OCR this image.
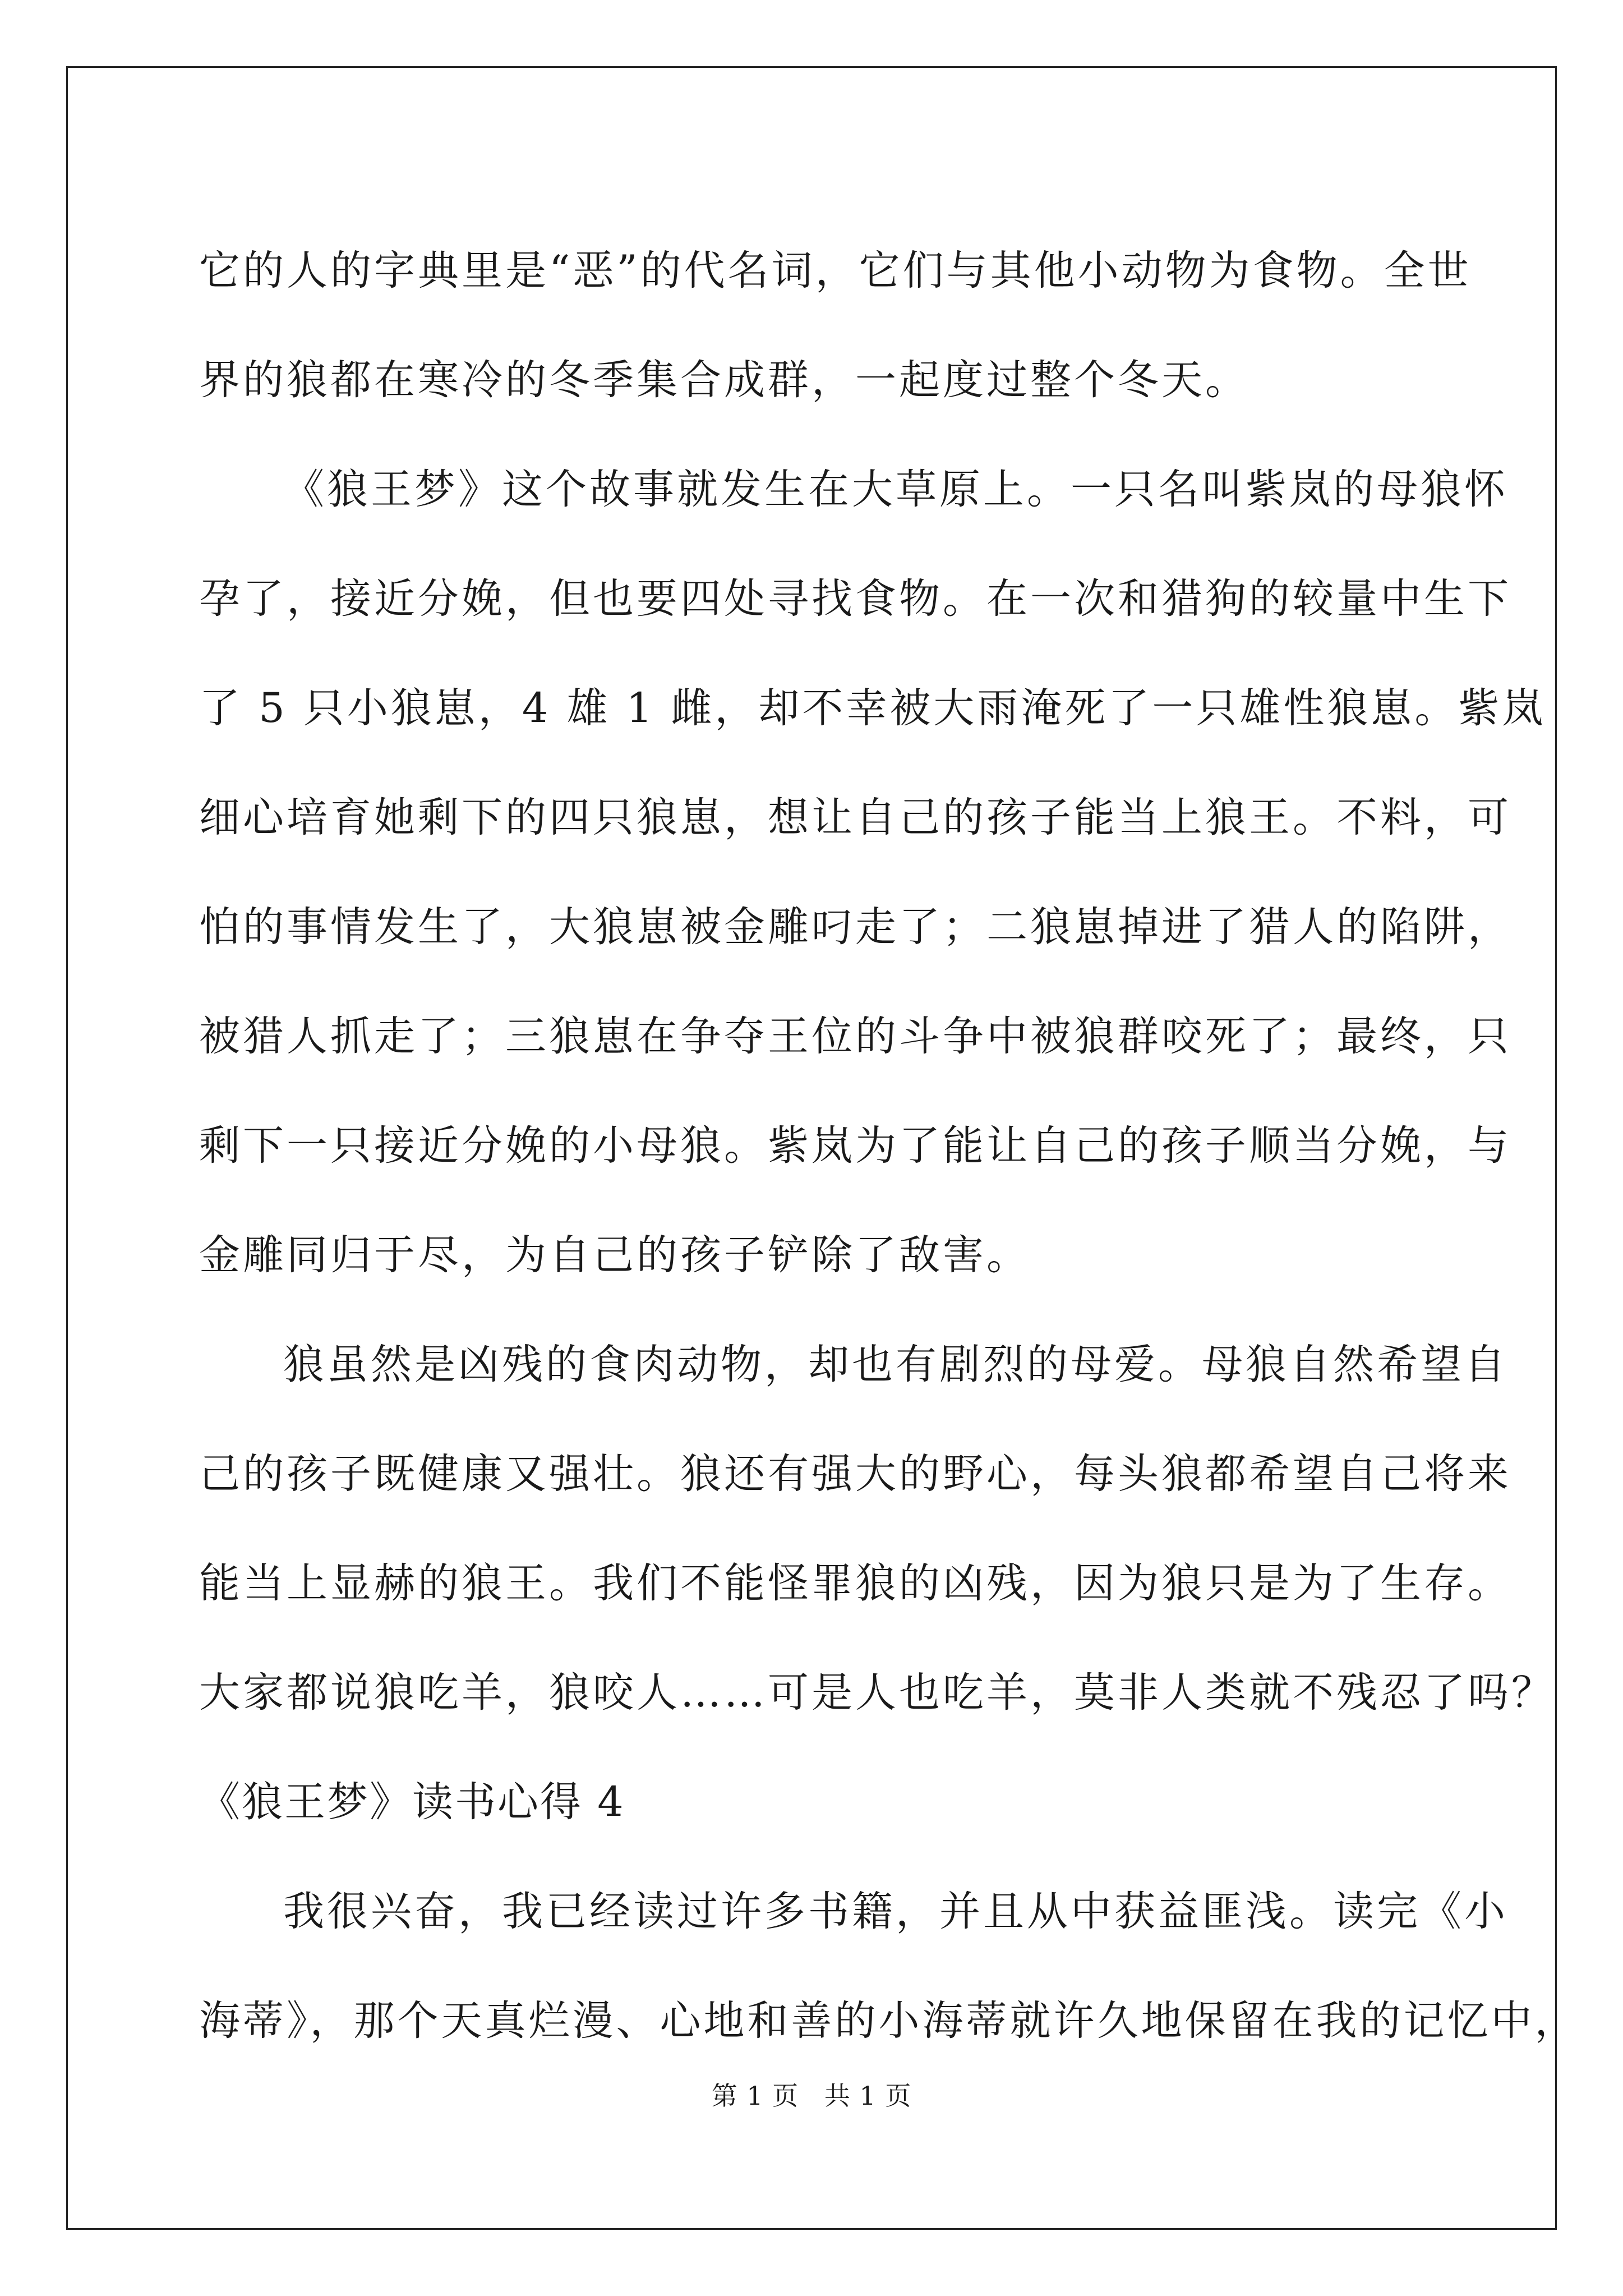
它的人的字典里是“恶”的代名词，它们与其他小动物为食物。全世
界的狼都在寒冷的冬季集合成群，一起度过整个冬天。
《狼王梦》这个故事就发生在大草原上。一只名叫紫岚的母狼怀
孕了，接近分娩，但也要四处寻找食物。在一次和猎狗的较量中生下
了 5 只小狼崽，4 雄 1 雌，却不幸被大雨淹死了一只雄性狼崽。紫岚
细心培育她剩下的四只狼崽，想让自己的孩子能当上狼王。不料，可
怕的事情发生了，大狼崽被金雕叼走了；二狼崽掉进了猎人的陷阱，
被猎人抓走了；三狼崽在争夺王位的斗争中被狼群咬死了；最终，只
剩下一只接近分娩的小母狼。紫岚为了能让自己的孩子顺当分娩，与
金雕同归于尽，为自己的孩子铲除了敌害。
狼虽然是凶残的食肉动物，却也有剧烈的母爱。母狼自然希望自
己的孩子既健康又强壮。狼还有强大的野心，每头狼都希望自己将来
能当上显赫的狼王。我们不能怪罪狼的凶残，因为狼只是为了生存。
大家都说狼吃羊，狼咬人……可是人也吃羊，莫非人类就不残忍了吗？
《狼王梦》读书心得 4
我很兴奋，我已经读过许多书籍，并且从中获益匪浅。读完《小
海蒂》，那个天真烂漫、心地和善的小海蒂就许久地保留在我的记忆中，
第 1 页 共 1 页
